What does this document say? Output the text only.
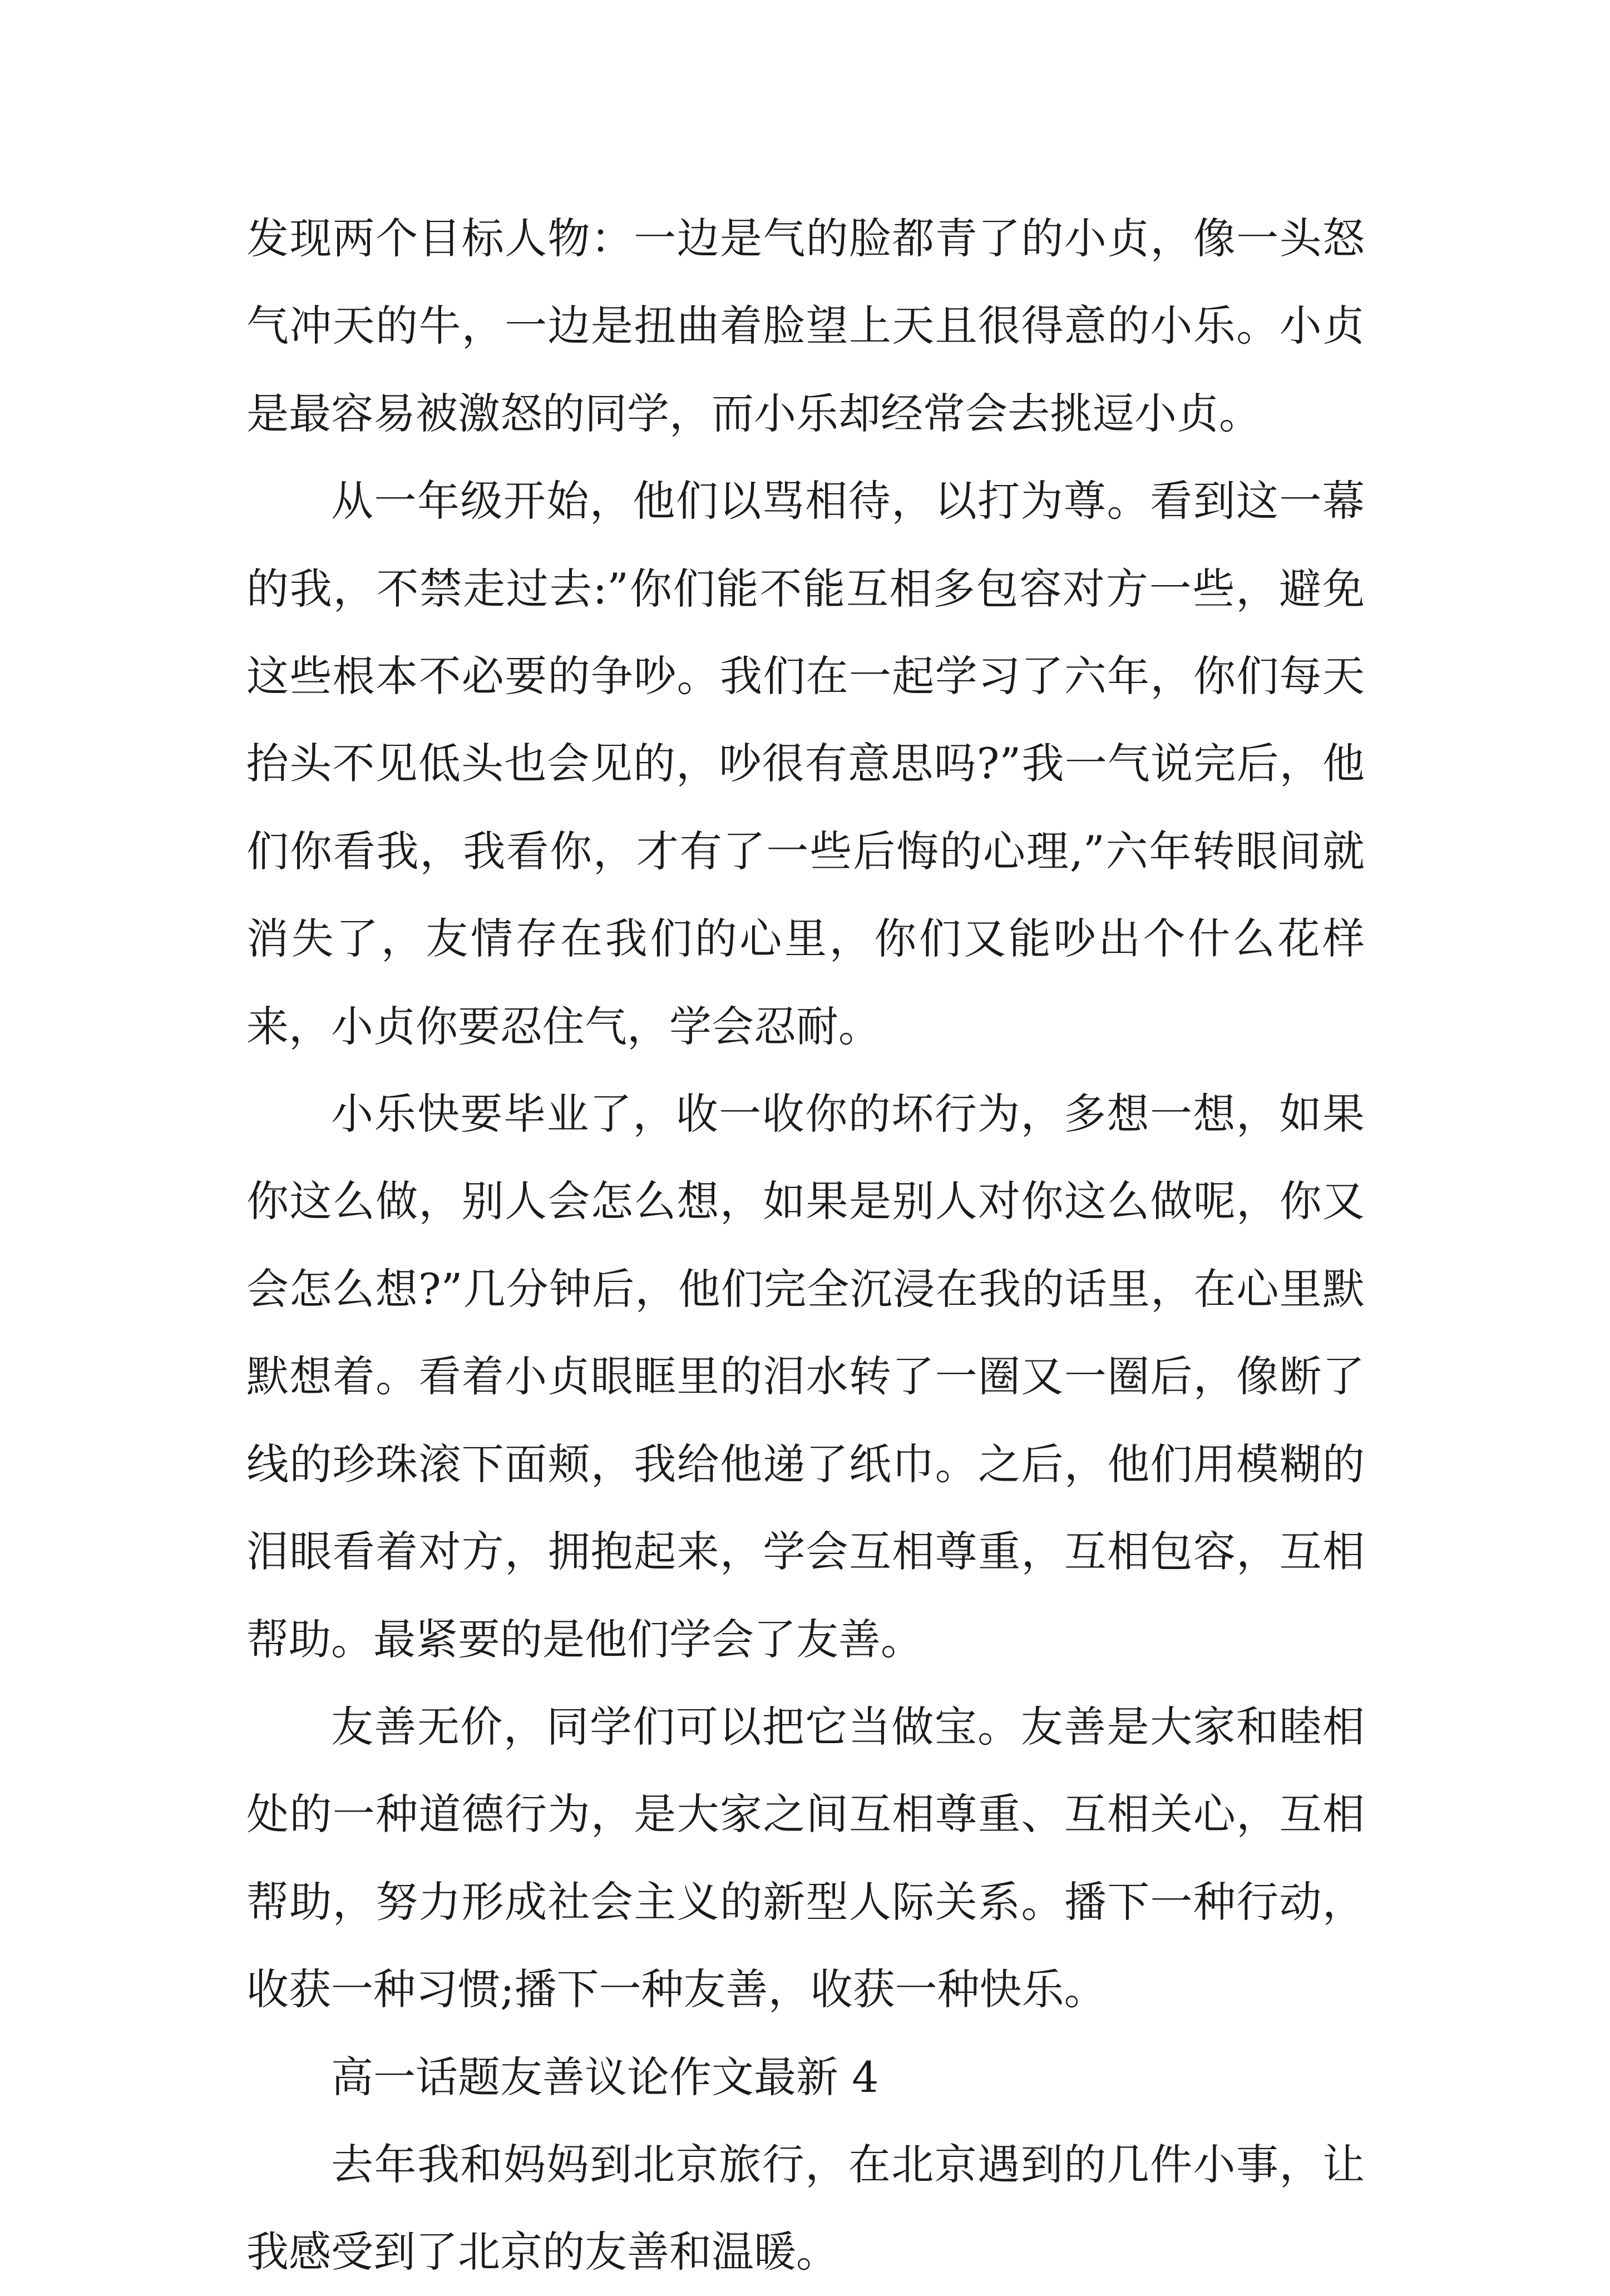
发现两个目标人物：一边是气的脸都青了的小贞，像一头怒气冲天的牛，一边是扭曲着脸望上天且很得意的小乐。小贞是最容易被激怒的同学，而小乐却经常会去挑逗小贞。

从一年级开始，他们以骂相待，以打为尊。看到这一幕的我，不禁走过去:”你们能不能互相多包容对方一些，避免这些根本不必要的争吵。我们在一起学习了六年，你们每天抬头不见低头也会见的，吵很有意思吗?”我一气说完后，他们你看我，我看你，才有了一些后悔的心理,”六年转眼间就消失了，友情存在我们的心里，你们又能吵出个什么花样来，小贞你要忍住气，学会忍耐。

小乐快要毕业了，收一收你的坏行为，多想一想，如果你这么做，别人会怎么想，如果是别人对你这么做呢，你又会怎么想?”几分钟后，他们完全沉浸在我的话里，在心里默默想着。看着小贞眼眶里的泪水转了一圈又一圈后，像断了线的珍珠滚下面颊，我给他递了纸巾。之后，他们用模糊的泪眼看着对方，拥抱起来，学会互相尊重，互相包容，互相帮助。最紧要的是他们学会了友善。

友善无价，同学们可以把它当做宝。友善是大家和睦相处的一种道德行为，是大家之间互相尊重、互相关心，互相帮助，努力形成社会主义的新型人际关系。播下一种行动，收获一种习惯;播下一种友善，收获一种快乐。

高一话题友善议论作文最新 4

去年我和妈妈到北京旅行，在北京遇到的几件小事，让我感受到了北京的友善和温暖。
